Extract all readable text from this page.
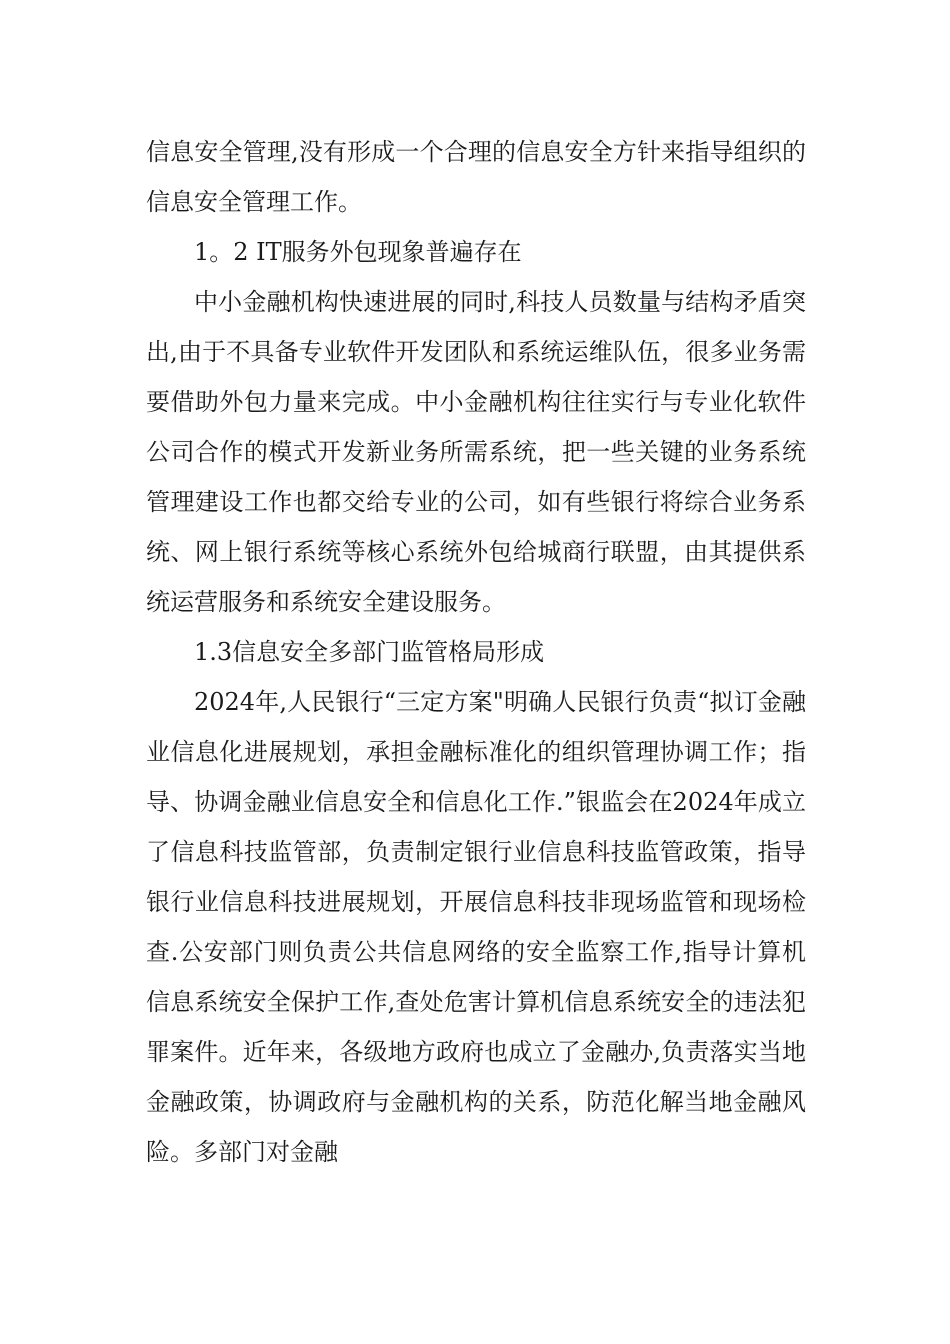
信息安全管理,没有形成一个合理的信息安全方针来指导组织的信息安全管理工作。

1。2 IT服务外包现象普遍存在

中小金融机构快速进展的同时,科技人员数量与结构矛盾突出,由于不具备专业软件开发团队和系统运维队伍，很多业务需要借助外包力量来完成。中小金融机构往往实行与专业化软件公司合作的模式开发新业务所需系统，把一些关键的业务系统管理建设工作也都交给专业的公司，如有些银行将综合业务系统、网上银行系统等核心系统外包给城商行联盟，由其提供系统运营服务和系统安全建设服务。

1.3信息安全多部门监管格局形成

2024年,人民银行“三定方案"明确人民银行负责“拟订金融业信息化进展规划，承担金融标准化的组织管理协调工作；指导、协调金融业信息安全和信息化工作.”银监会在2024年成立了信息科技监管部，负责制定银行业信息科技监管政策，指导银行业信息科技进展规划，开展信息科技非现场监管和现场检查.公安部门则负责公共信息网络的安全监察工作,指导计算机信息系统安全保护工作,查处危害计算机信息系统安全的违法犯罪案件。近年来，各级地方政府也成立了金融办,负责落实当地金融政策，协调政府与金融机构的关系，防范化解当地金融风险。多部门对金融
